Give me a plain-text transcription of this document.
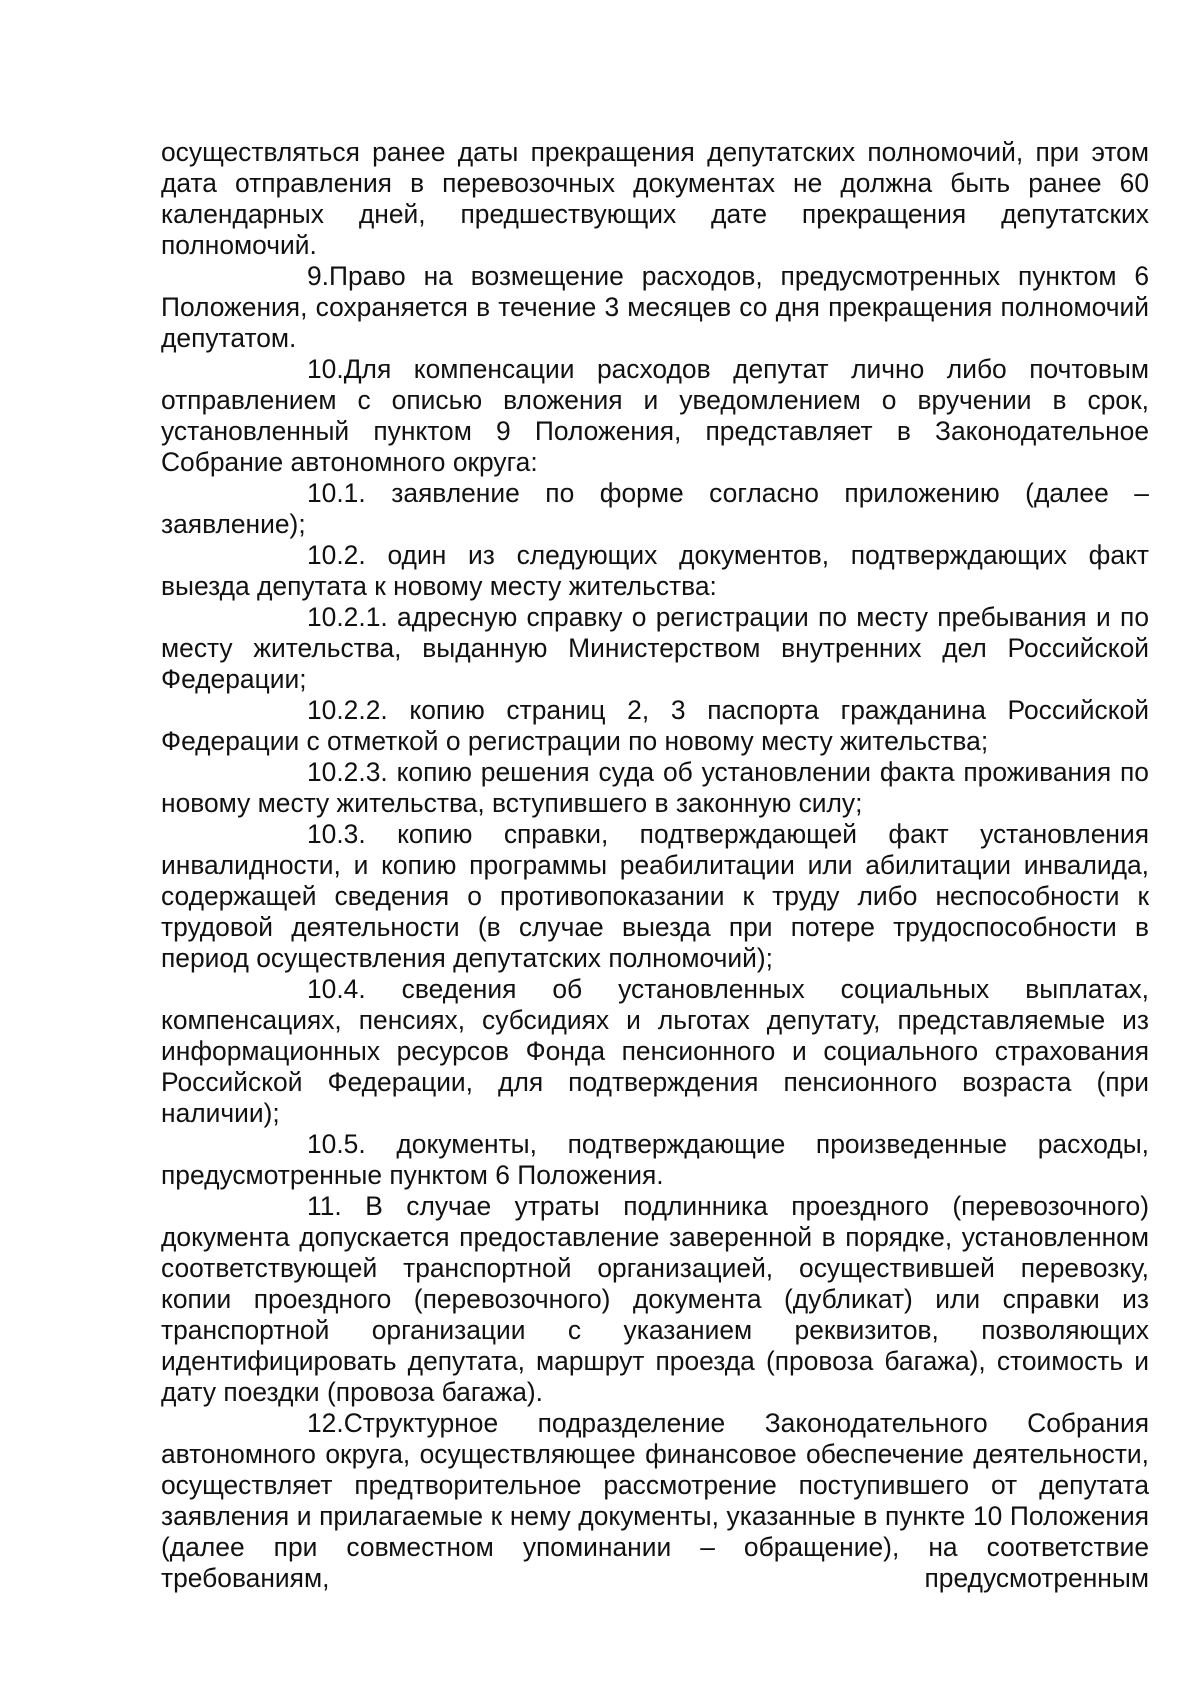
осуществляться ранее даты прекращения депутатских полномочий, при этом дата отправления в перевозочных документах не должна быть ранее 60 календарных дней, предшествующих дате прекращения депутатских полномочий.

9.Право на возмещение расходов, предусмотренных пунктом 6 Положения, сохраняется в течение 3 месяцев со дня прекращения полномочий депутатом.

10.Для компенсации расходов депутат лично либо почтовым отправлением с описью вложения и уведомлением о вручении в срок, установленный пунктом 9 Положения, представляет в Законодательное Собрание автономного округа:

10.1. заявление по форме согласно приложению (далее – заявление);

10.2. один из следующих документов, подтверждающих факт выезда депутата к новому месту жительства:

10.2.1. адресную справку о регистрации по месту пребывания и по месту жительства, выданную Министерством внутренних дел Российской Федерации;

10.2.2. копию страниц 2, 3 паспорта гражданина Российской Федерации с отметкой о регистрации по новому месту жительства;

10.2.3. копию решения суда об установлении факта проживания по новому месту жительства, вступившего в законную силу;

10.3. копию справки, подтверждающей факт установления инвалидности, и копию программы реабилитации или абилитации инвалида, содержащей сведения о противопоказании к труду либо неспособности к трудовой деятельности (в случае выезда при потере трудоспособности в период осуществления депутатских полномочий);

10.4. сведения об установленных социальных выплатах, компенсациях, пенсиях, субсидиях и льготах депутату, представляемые из информационных ресурсов Фонда пенсионного и социального страхования Российской Федерации, для подтверждения пенсионного возраста (при наличии);

10.5. документы, подтверждающие произведенные расходы, предусмотренные пунктом 6 Положения.

11. В случае утраты подлинника проездного (перевозочного) документа допускается предоставление заверенной в порядке, установленном соответствующей транспортной организацией, осуществившей перевозку, копии проездного (перевозочного) документа (дубликат) или справки из транспортной организации с указанием реквизитов, позволяющих идентифицировать депутата, маршрут проезда (провоза багажа), стоимость и дату поездки (провоза багажа).

12.Структурное подразделение Законодательного Собрания автономного округа, осуществляющее финансовое обеспечение деятельности, осуществляет предтворительное рассмотрение поступившего от депутата заявления и прилагаемые к нему документы, указанные в пункте 10 Положения (далее при совместном упоминании – обращение), на соответствие требованиям, предусмотренным
